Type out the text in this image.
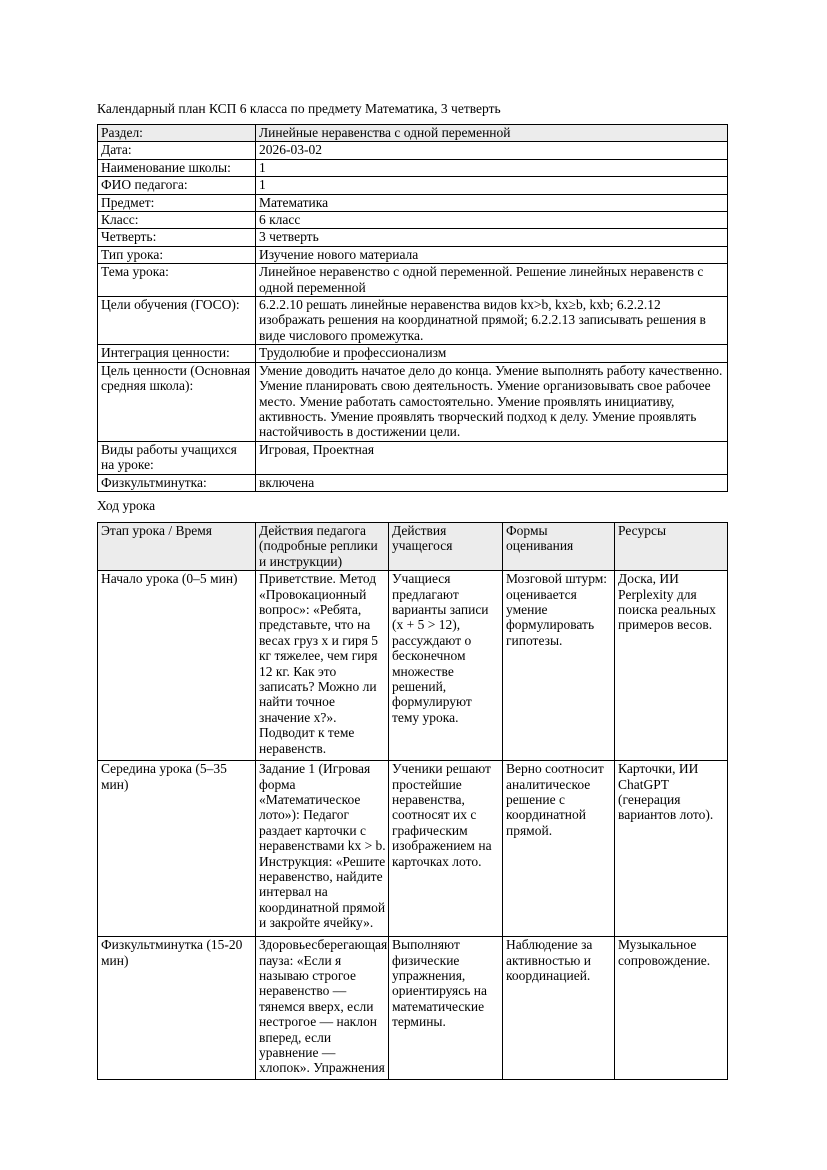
Календарный план КСП 6 класса по предмету Математика, 3 четверть

Раздел:	Линейные неравенства с одной переменной
Дата:	2026-03-02
Наименование школы:	1
ФИО педагога:	1
Предмет:	Математика
Класс:	6 класс
Четверть:	3 четверть
Тип урока:	Изучение нового материала
Тема урока:	Линейное неравенство с одной переменной. Решение линейных неравенств с одной переменной
Цели обучения (ГОСО):	6.2.2.10 решать линейные неравенства видов kx>b, kx≥b, kxb; 6.2.2.12 изображать решения на координатной прямой; 6.2.2.13 записывать решения в виде числового промежутка.
Интеграция ценности:	Трудолюбие и профессионализм
Цель ценности (Основная средняя школа):	Умение доводить начатое дело до конца. Умение выполнять работу качественно. Умение планировать свою деятельность. Умение организовывать свое рабочее место. Умение работать самостоятельно. Умение проявлять инициативу, активность. Умение проявлять творческий подход к делу. Умение проявлять настойчивость в достижении цели.
Виды работы учащихся на уроке:	Игровая, Проектная
Физкультминутка:	включена

Ход урока

Этап урока / Время	Действия педагога (подробные реплики и инструкции)	Действия учащегося	Формы оценивания	Ресурсы
Начало урока (0–5 мин)	Приветствие. Метод «Провокационный вопрос»: «Ребята, представьте, что на весах груз x и гиря 5 кг тяжелее, чем гиря 12 кг. Как это записать? Можно ли найти точное значение x?». Подводит к теме неравенств.	Учащиеся предлагают варианты записи (x + 5 > 12), рассуждают о бесконечном множестве решений, формулируют тему урока.	Мозговой штурм: оценивается умение формулировать гипотезы.	Доска, ИИ Perplexity для поиска реальных примеров весов.
Середина урока (5–35 мин)	Задание 1 (Игровая форма «Математическое лото»): Педагог раздает карточки с неравенствами kx > b. Инструкция: «Решите неравенство, найдите интервал на координатной прямой и закройте ячейку».	Ученики решают простейшие неравенства, соотносят их с графическим изображением на карточках лото.	Верно соотносит аналитическое решение с координатной прямой.	Карточки, ИИ ChatGPT (генерация вариантов лото).
Физкультминутка (15-20 мин)	Здоровьесберегающая пауза: «Если я называю строгое неравенство — тянемся вверх, если нестрогое — наклон вперед, если уравнение — хлопок». Упражнения	Выполняют физические упражнения, ориентируясь на математические термины.	Наблюдение за активностью и координацией.	Музыкальное сопровождение.
